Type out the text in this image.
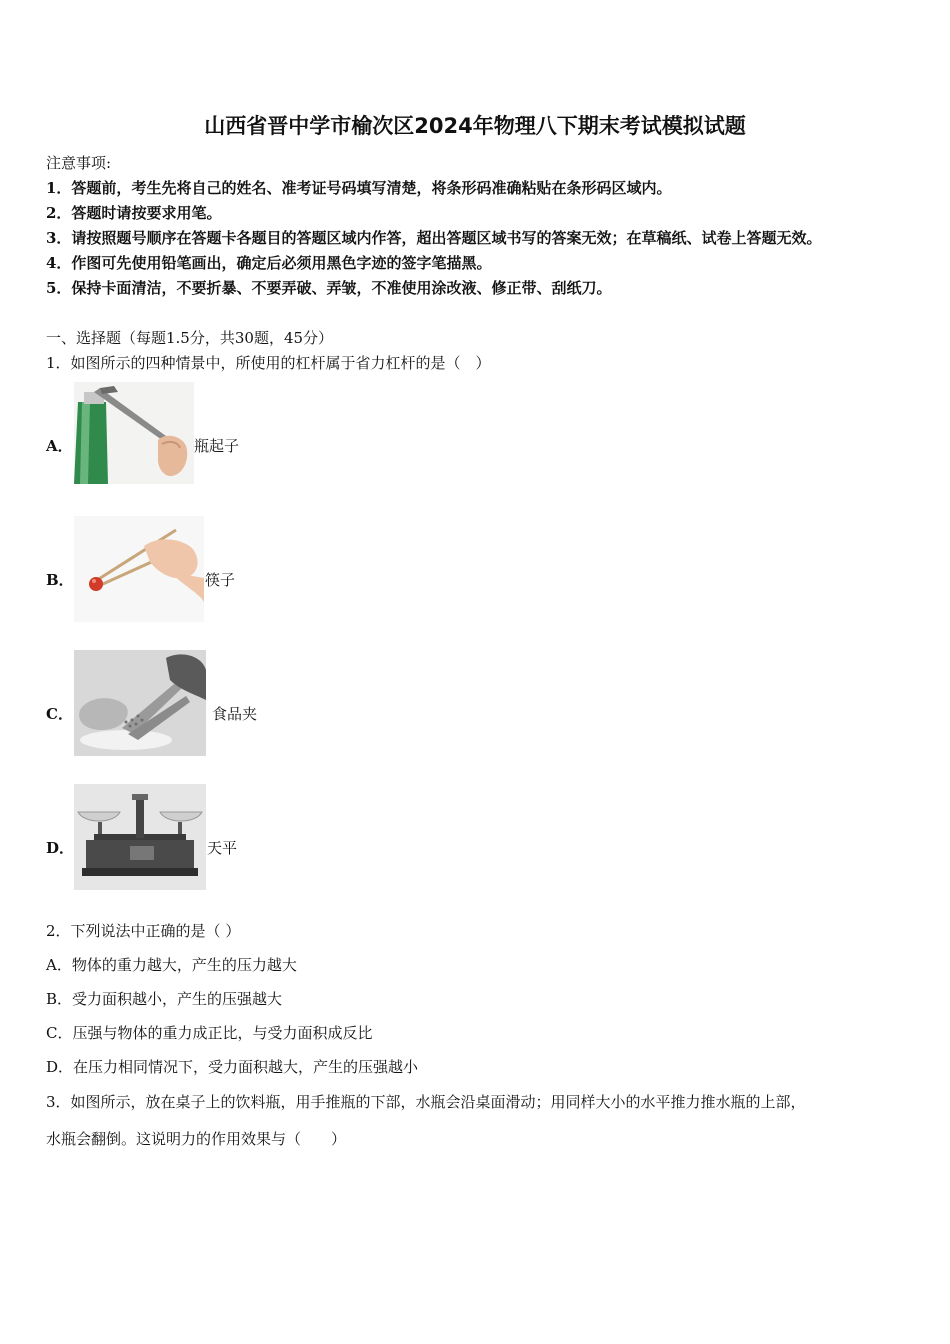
山西省晋中学市榆次区2024年物理八下期末考试模拟试题
注意事项:
1．答题前，考生先将自己的姓名、准考证号码填写清楚，将条形码准确粘贴在条形码区域内。
2．答题时请按要求用笔。
3．请按照题号顺序在答题卡各题目的答题区域内作答，超出答题区域书写的答案无效；在草稿纸、试卷上答题无效。
4．作图可先使用铅笔画出，确定后必须用黑色字迹的签字笔描黑。
5．保持卡面清洁，不要折暴、不要弄破、弄皱，不准使用涂改液、修正带、刮纸刀。
一、选择题（每题1.5分，共30题，45分）
1．如图所示的四种情景中，所使用的杠杆属于省力杠杆的是（　）
A．	瓶起子
B．	筷子
C．	食品夹
D．	天平
2．下列说法中正确的是（ ）
A．物体的重力越大，产生的压力越大
B．受力面积越小，产生的压强越大
C．压强与物体的重力成正比，与受力面积成反比
D．在压力相同情况下，受力面积越大，产生的压强越小
3．如图所示，放在桌子上的饮料瓶，用手推瓶的下部，水瓶会沿桌面滑动；用同样大小的水平推力推水瓶的上部，
水瓶会翻倒。这说明力的作用效果与（　　）
